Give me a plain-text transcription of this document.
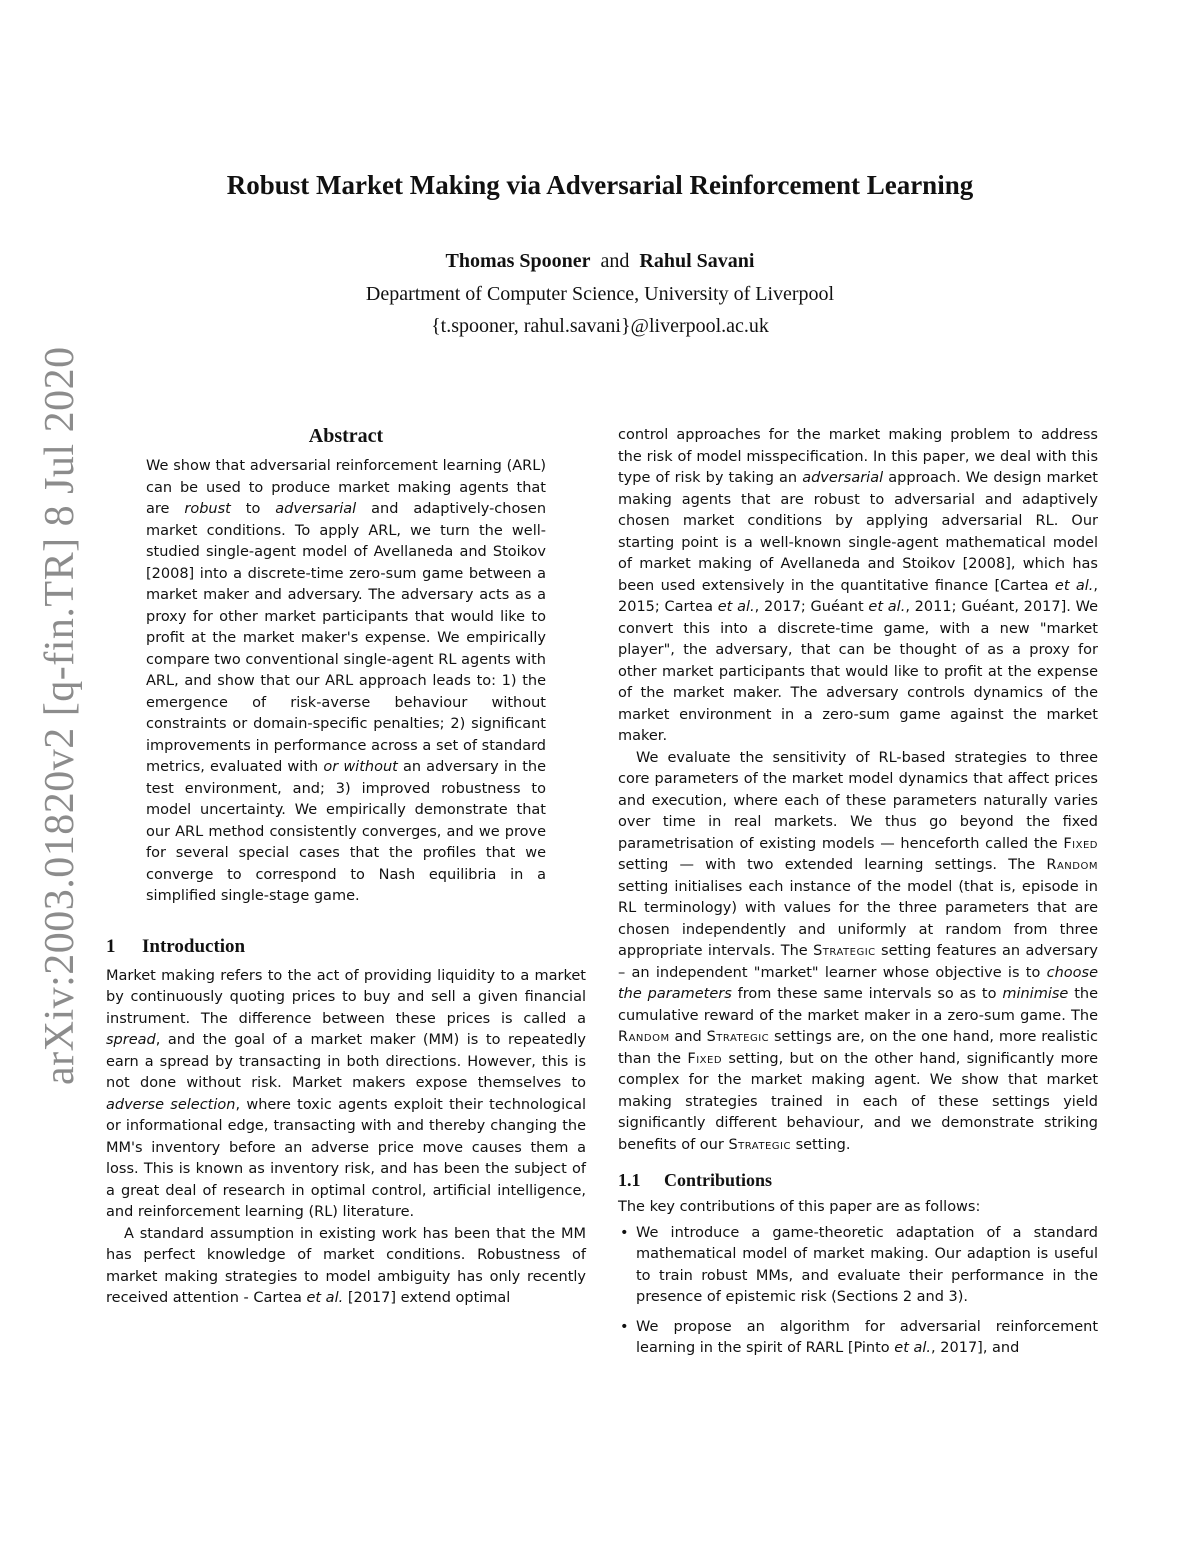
Robust Market Making via Adversarial Reinforcement Learning
Thomas Spooner and Rahul Savani
Department of Computer Science, University of Liverpool
{t.spooner, rahul.savani}@liverpool.ac.uk
arXiv:2003.01820v2 [q-fin.TR] 8 Jul 2020	Abstract

We show that adversarial reinforcement learning (ARL) can be used to produce market making agents that are robust to adversarial and adaptively-chosen market conditions. To apply ARL, we turn the well-studied single-agent model of Avellaneda and Stoikov [2008] into a discrete-time zero-sum game between a market maker and adversary. The adversary acts as a proxy for other market participants that would like to profit at the market maker's expense. We empirically compare two conventional single-agent RL agents with ARL, and show that our ARL approach leads to: 1) the emergence of risk-averse behaviour without constraints or domain-specific penalties; 2) significant improvements in performance across a set of standard metrics, evaluated with or without an adversary in the test environment, and; 3) improved robustness to model uncertainty. We empirically demonstrate that our ARL method consistently converges, and we prove for several special cases that the profiles that we converge to correspond to Nash equilibria in a simplified single-stage game.

1 Introduction

Market making refers to the act of providing liquidity to a market by continuously quoting prices to buy and sell a given financial instrument. The difference between these prices is called a spread, and the goal of a market maker (MM) is to repeatedly earn a spread by transacting in both directions. However, this is not done without risk. Market makers expose themselves to adverse selection, where toxic agents exploit their technological or informational edge, transacting with and thereby changing the MM's inventory before an adverse price move causes them a loss. This is known as inventory risk, and has been the subject of a great deal of research in optimal control, artificial intelligence, and reinforcement learning (RL) literature.

A standard assumption in existing work has been that the MM has perfect knowledge of market conditions. Robustness of market making strategies to model ambiguity has only recently received attention - Cartea et al. [2017] extend optimal

control approaches for the market making problem to address the risk of model misspecification. In this paper, we deal with this type of risk by taking an adversarial approach. We design market making agents that are robust to adversarial and adaptively chosen market conditions by applying adversarial RL. Our starting point is a well-known single-agent mathematical model of market making of Avellaneda and Stoikov [2008], which has been used extensively in the quantitative finance [Cartea et al., 2015; Cartea et al., 2017; Guéant et al., 2011; Guéant, 2017]. We convert this into a discrete-time game, with a new "market player", the adversary, that can be thought of as a proxy for other market participants that would like to profit at the expense of the market maker. The adversary controls dynamics of the market environment in a zero-sum game against the market maker.

We evaluate the sensitivity of RL-based strategies to three core parameters of the market model dynamics that affect prices and execution, where each of these parameters naturally varies over time in real markets. We thus go beyond the fixed parametrisation of existing models — henceforth called the Fixed setting — with two extended learning settings. The Random setting initialises each instance of the model (that is, episode in RL terminology) with values for the three parameters that are chosen independently and uniformly at random from three appropriate intervals. The Strategic setting features an adversary – an independent "market" learner whose objective is to choose the parameters from these same intervals so as to minimise the cumulative reward of the market maker in a zero-sum game. The Random and Strategic settings are, on the one hand, more realistic than the Fixed setting, but on the other hand, significantly more complex for the market making agent. We show that market making strategies trained in each of these settings yield significantly different behaviour, and we demonstrate striking benefits of our Strategic setting.

1.1 Contributions

The key contributions of this paper are as follows:

• We introduce a game-theoretic adaptation of a standard mathematical model of market making. Our adaption is useful to train robust MMs, and evaluate their performance in the presence of epistemic risk (Sections 2 and 3).
• We propose an algorithm for adversarial reinforcement learning in the spirit of RARL [Pinto et al., 2017], and
